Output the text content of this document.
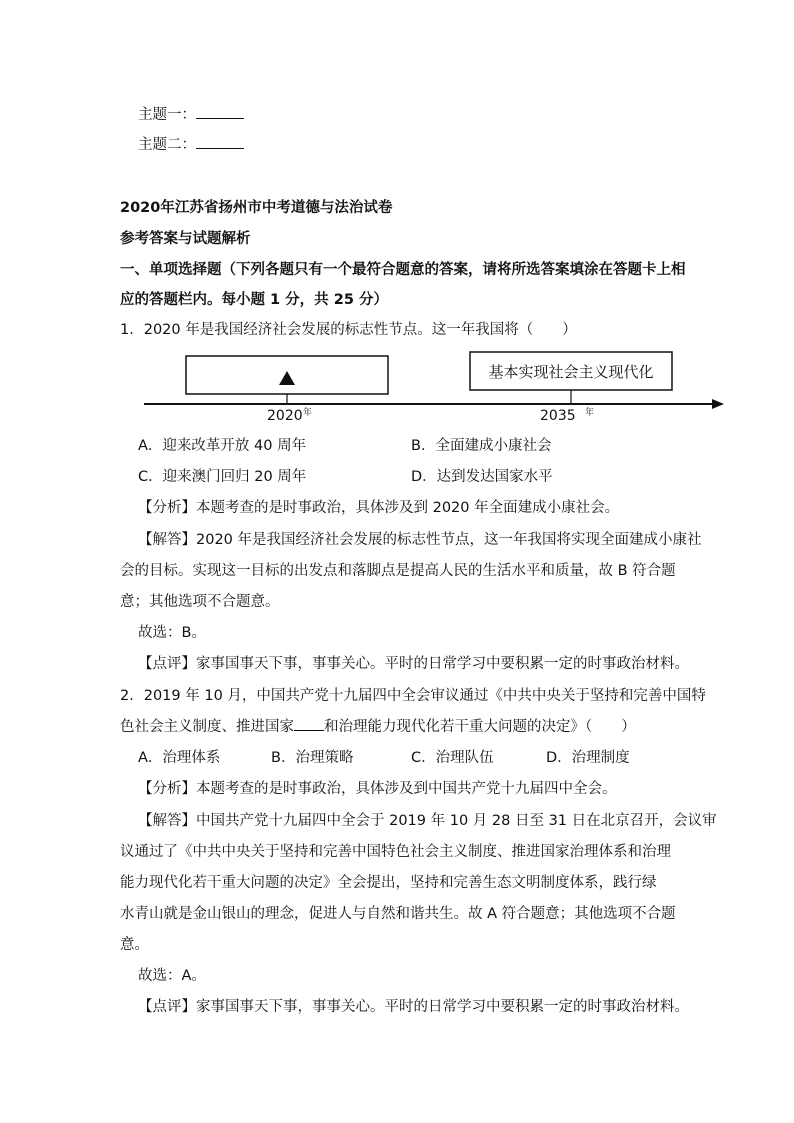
主题一：
主题二：
2020年江苏省扬州市中考道德与法治试卷
参考答案与试题解析
一、单项选择题（下列各题只有一个最符合题意的答案，请将所选答案填涂在答题卡上相
应的答题栏内。每小题 1 分，共 25 分）
1．2020 年是我国经济社会发展的标志性节点。这一年我国将（　　）
基本实现社会主义现代化
2020 年	2035 年
A．迎来改革开放 40 周年	B．全面建成小康社会
C．迎来澳门回归 20 周年	D．达到发达国家水平
【分析】本题考查的是时事政治，具体涉及到 2020 年全面建成小康社会。
【解答】2020 年是我国经济社会发展的标志性节点，这一年我国将实现全面建成小康社
会的目标。实现这一目标的出发点和落脚点是提高人民的生活水平和质量，故 B 符合题
意；其他选项不合题意。
故选：B。
【点评】家事国事天下事，事事关心。平时的日常学习中要积累一定的时事政治材料。
2．2019 年 10 月，中国共产党十九届四中全会审议通过《中共中央关于坚持和完善中国特
色社会主义制度、推进国家 和治理能力现代化若干重大问题的决定》（　　）
A．治理体系	B．治理策略	C．治理队伍	D．治理制度
【分析】本题考查的是时事政治，具体涉及到中国共产党十九届四中全会。
【解答】中国共产党十九届四中全会于 2019 年 10 月 28 日至 31 日在北京召开，会议审
议通过了《中共中央关于坚持和完善中国特色社会主义制度、推进国家治理体系和治理
能力现代化若干重大问题的决定》全会提出，坚持和完善生态文明制度体系，践行绿
水青山就是金山银山的理念，促进人与自然和谐共生。故 A 符合题意；其他选项不合题
意。
故选：A。
【点评】家事国事天下事，事事关心。平时的日常学习中要积累一定的时事政治材料。
